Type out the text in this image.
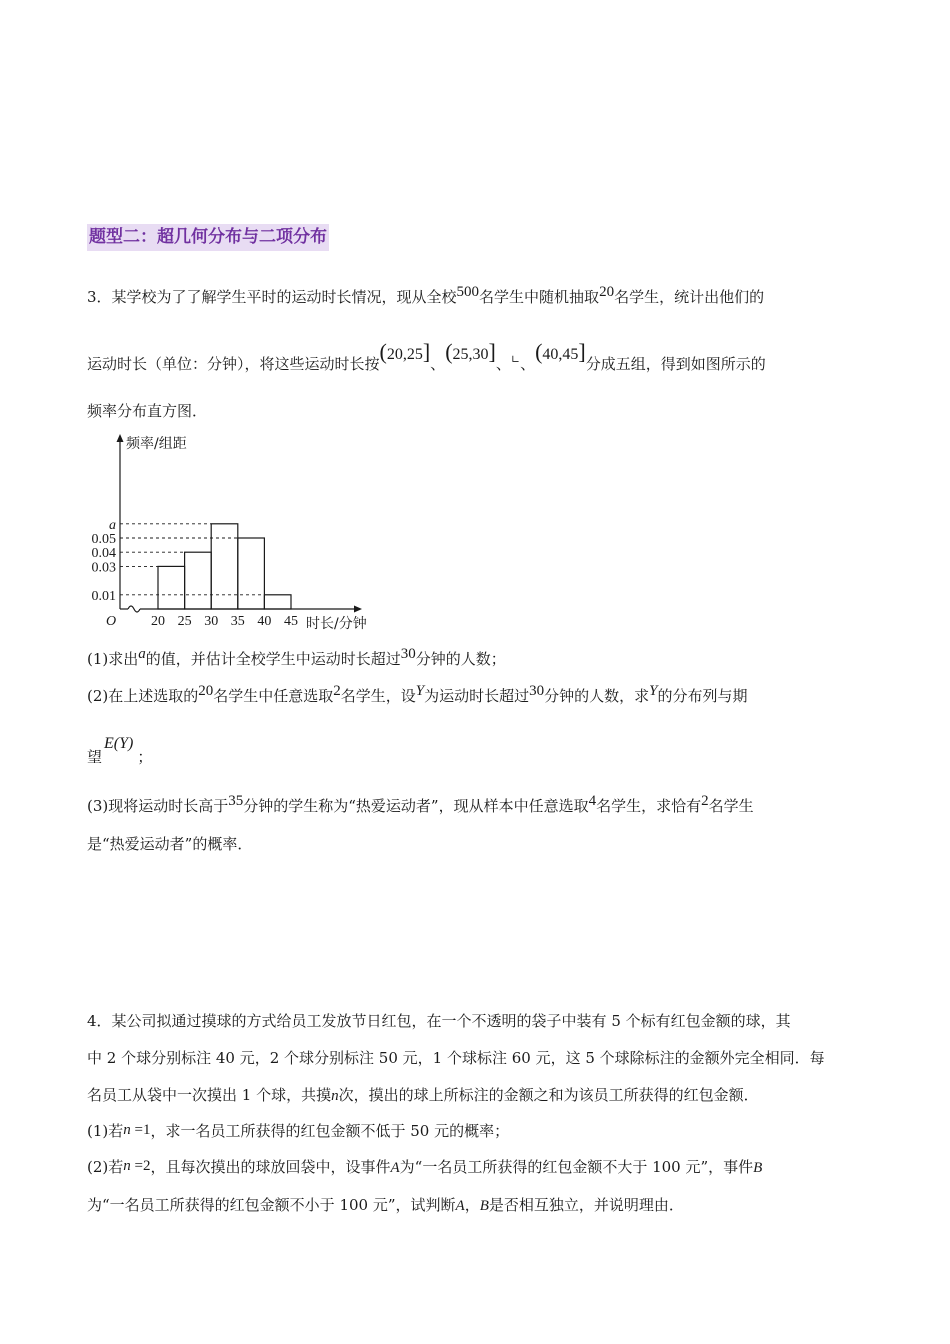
题型二：超几何分布与二项分布
3．某学校为了了解学生平时的运动时长情况，现从全校500名学生中随机抽取20名学生，统计出他们的
运动时长（单位：分钟），将这些运动时长按(20,25]、(25,30]、∟、(40,45]分成五组，得到如图所示的
频率分布直方图．
频率/组距
时长/分钟
O
0.01
0.03
0.04
0.05
a
20 25 30 35 40 45
(1)求出a的值，并估计全校学生中运动时长超过30分钟的人数；
(2)在上述选取的20名学生中任意选取2名学生，设Y为运动时长超过30分钟的人数，求Y的分布列与期
望E(Y)；
(3)现将运动时长高于35分钟的学生称为“热爱运动者”，现从样本中任意选取4名学生，求恰有2名学生
是“热爱运动者”的概率．
4．某公司拟通过摸球的方式给员工发放节日红包，在一个不透明的袋子中装有 5 个标有红包金额的球，其
中 2 个球分别标注 40 元，2 个球分别标注 50 元，1 个球标注 60 元，这 5 个球除标注的金额外完全相同．每
名员工从袋中一次摸出 1 个球，共摸n次，摸出的球上所标注的金额之和为该员工所获得的红包金额．
(1)若n =1，求一名员工所获得的红包金额不低于 50 元的概率；
(2)若n =2，且每次摸出的球放回袋中，设事件A为“一名员工所获得的红包金额不大于 100 元”，事件B
为“一名员工所获得的红包金额不小于 100 元”，试判断A，B是否相互独立，并说明理由．
